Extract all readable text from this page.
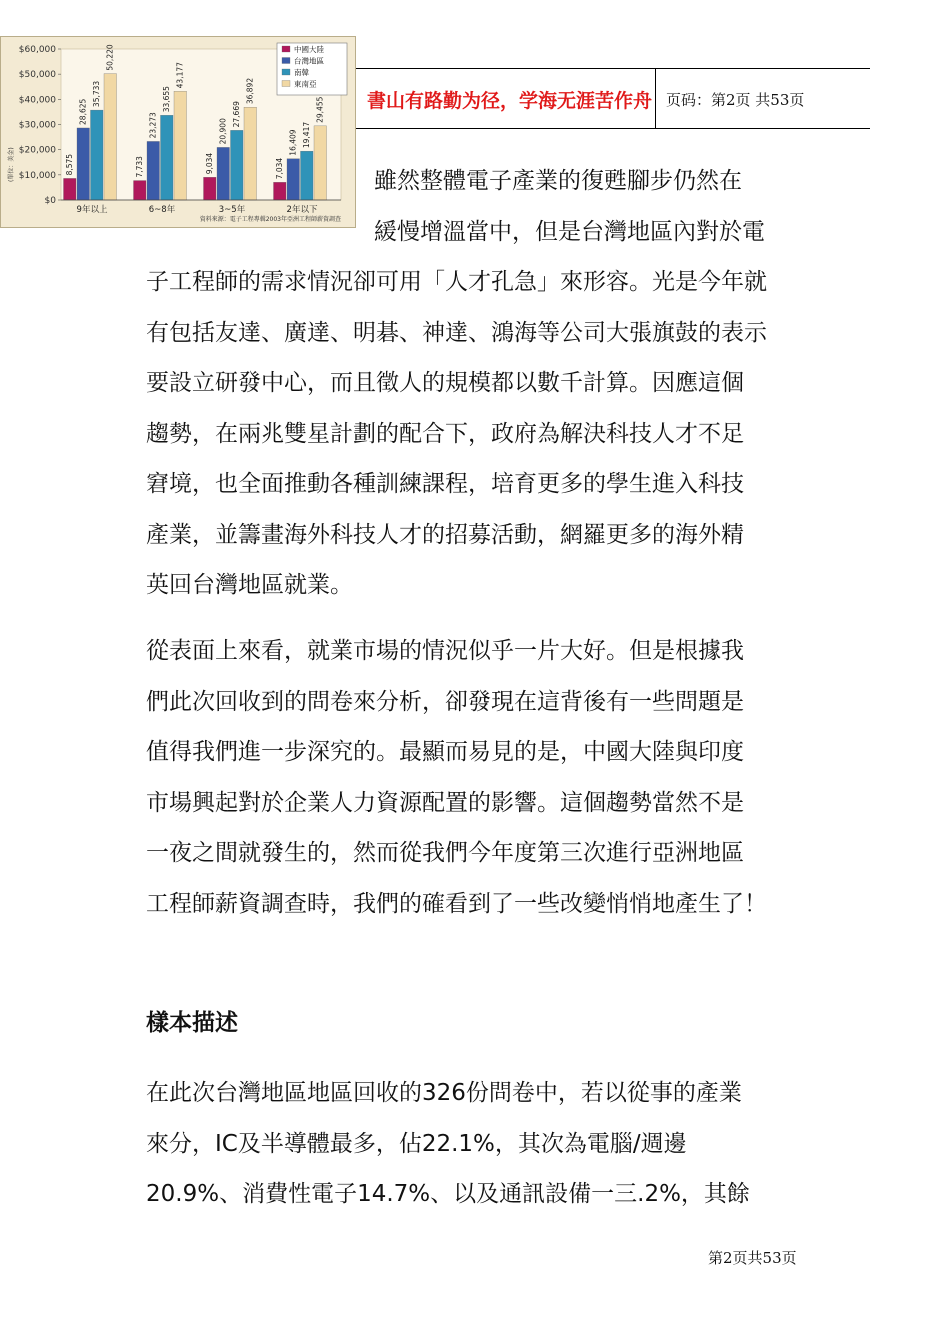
書山有路勤为径，学海无涯苦作舟 页码：第2页 共53页
$0
$10,000
$20,000
$30,000
$40,000
$50,000
$60,000
(單位：美金)	8,575
28,625
35,733
50,220
9年以上
7,733
23,273
33,655
43,177
6~8年
9,034
20,900
27,669
36,892
3~5年
7,034
16,409 19,417
29,455
2年以下
中國大陸
台灣地區
南韓
東南亞
資料來源：電子工程專輯2003年亞洲工程師薪資調查
雖然整體電子產業的復甦腳步仍然在
緩慢增溫當中，但是台灣地區內對於電
子工程師的需求情況卻可用「人才孔急」來形容。光是今年就
有包括友達、廣達、明碁、神達、鴻海等公司大張旗鼓的表示
要設立研發中心，而且徵人的規模都以數千計算。因應這個
趨勢，在兩兆雙星計劃的配合下，政府為解決科技人才不足
窘境，也全面推動各種訓練課程，培育更多的學生進入科技
產業，並籌畫海外科技人才的招募活動，網羅更多的海外精
英回台灣地區就業。
從表面上來看，就業市場的情況似乎一片大好。但是根據我
們此次回收到的問卷來分析，卻發現在這背後有一些問題是
值得我們進一步深究的。最顯而易見的是，中國大陸與印度
市場興起對於企業人力資源配置的影響。這個趨勢當然不是
一夜之間就發生的，然而從我們今年度第三次進行亞洲地區
工程師薪資調查時，我們的確看到了一些改變悄悄地產生了！
樣本描述
在此次台灣地區地區回收的326份問卷中，若以從事的產業
來分，IC及半導體最多，佔22.1%，其次為電腦/週邊
20.9%、消費性電子14.7%、以及通訊設備一三.2%，其餘
第2页共53页
